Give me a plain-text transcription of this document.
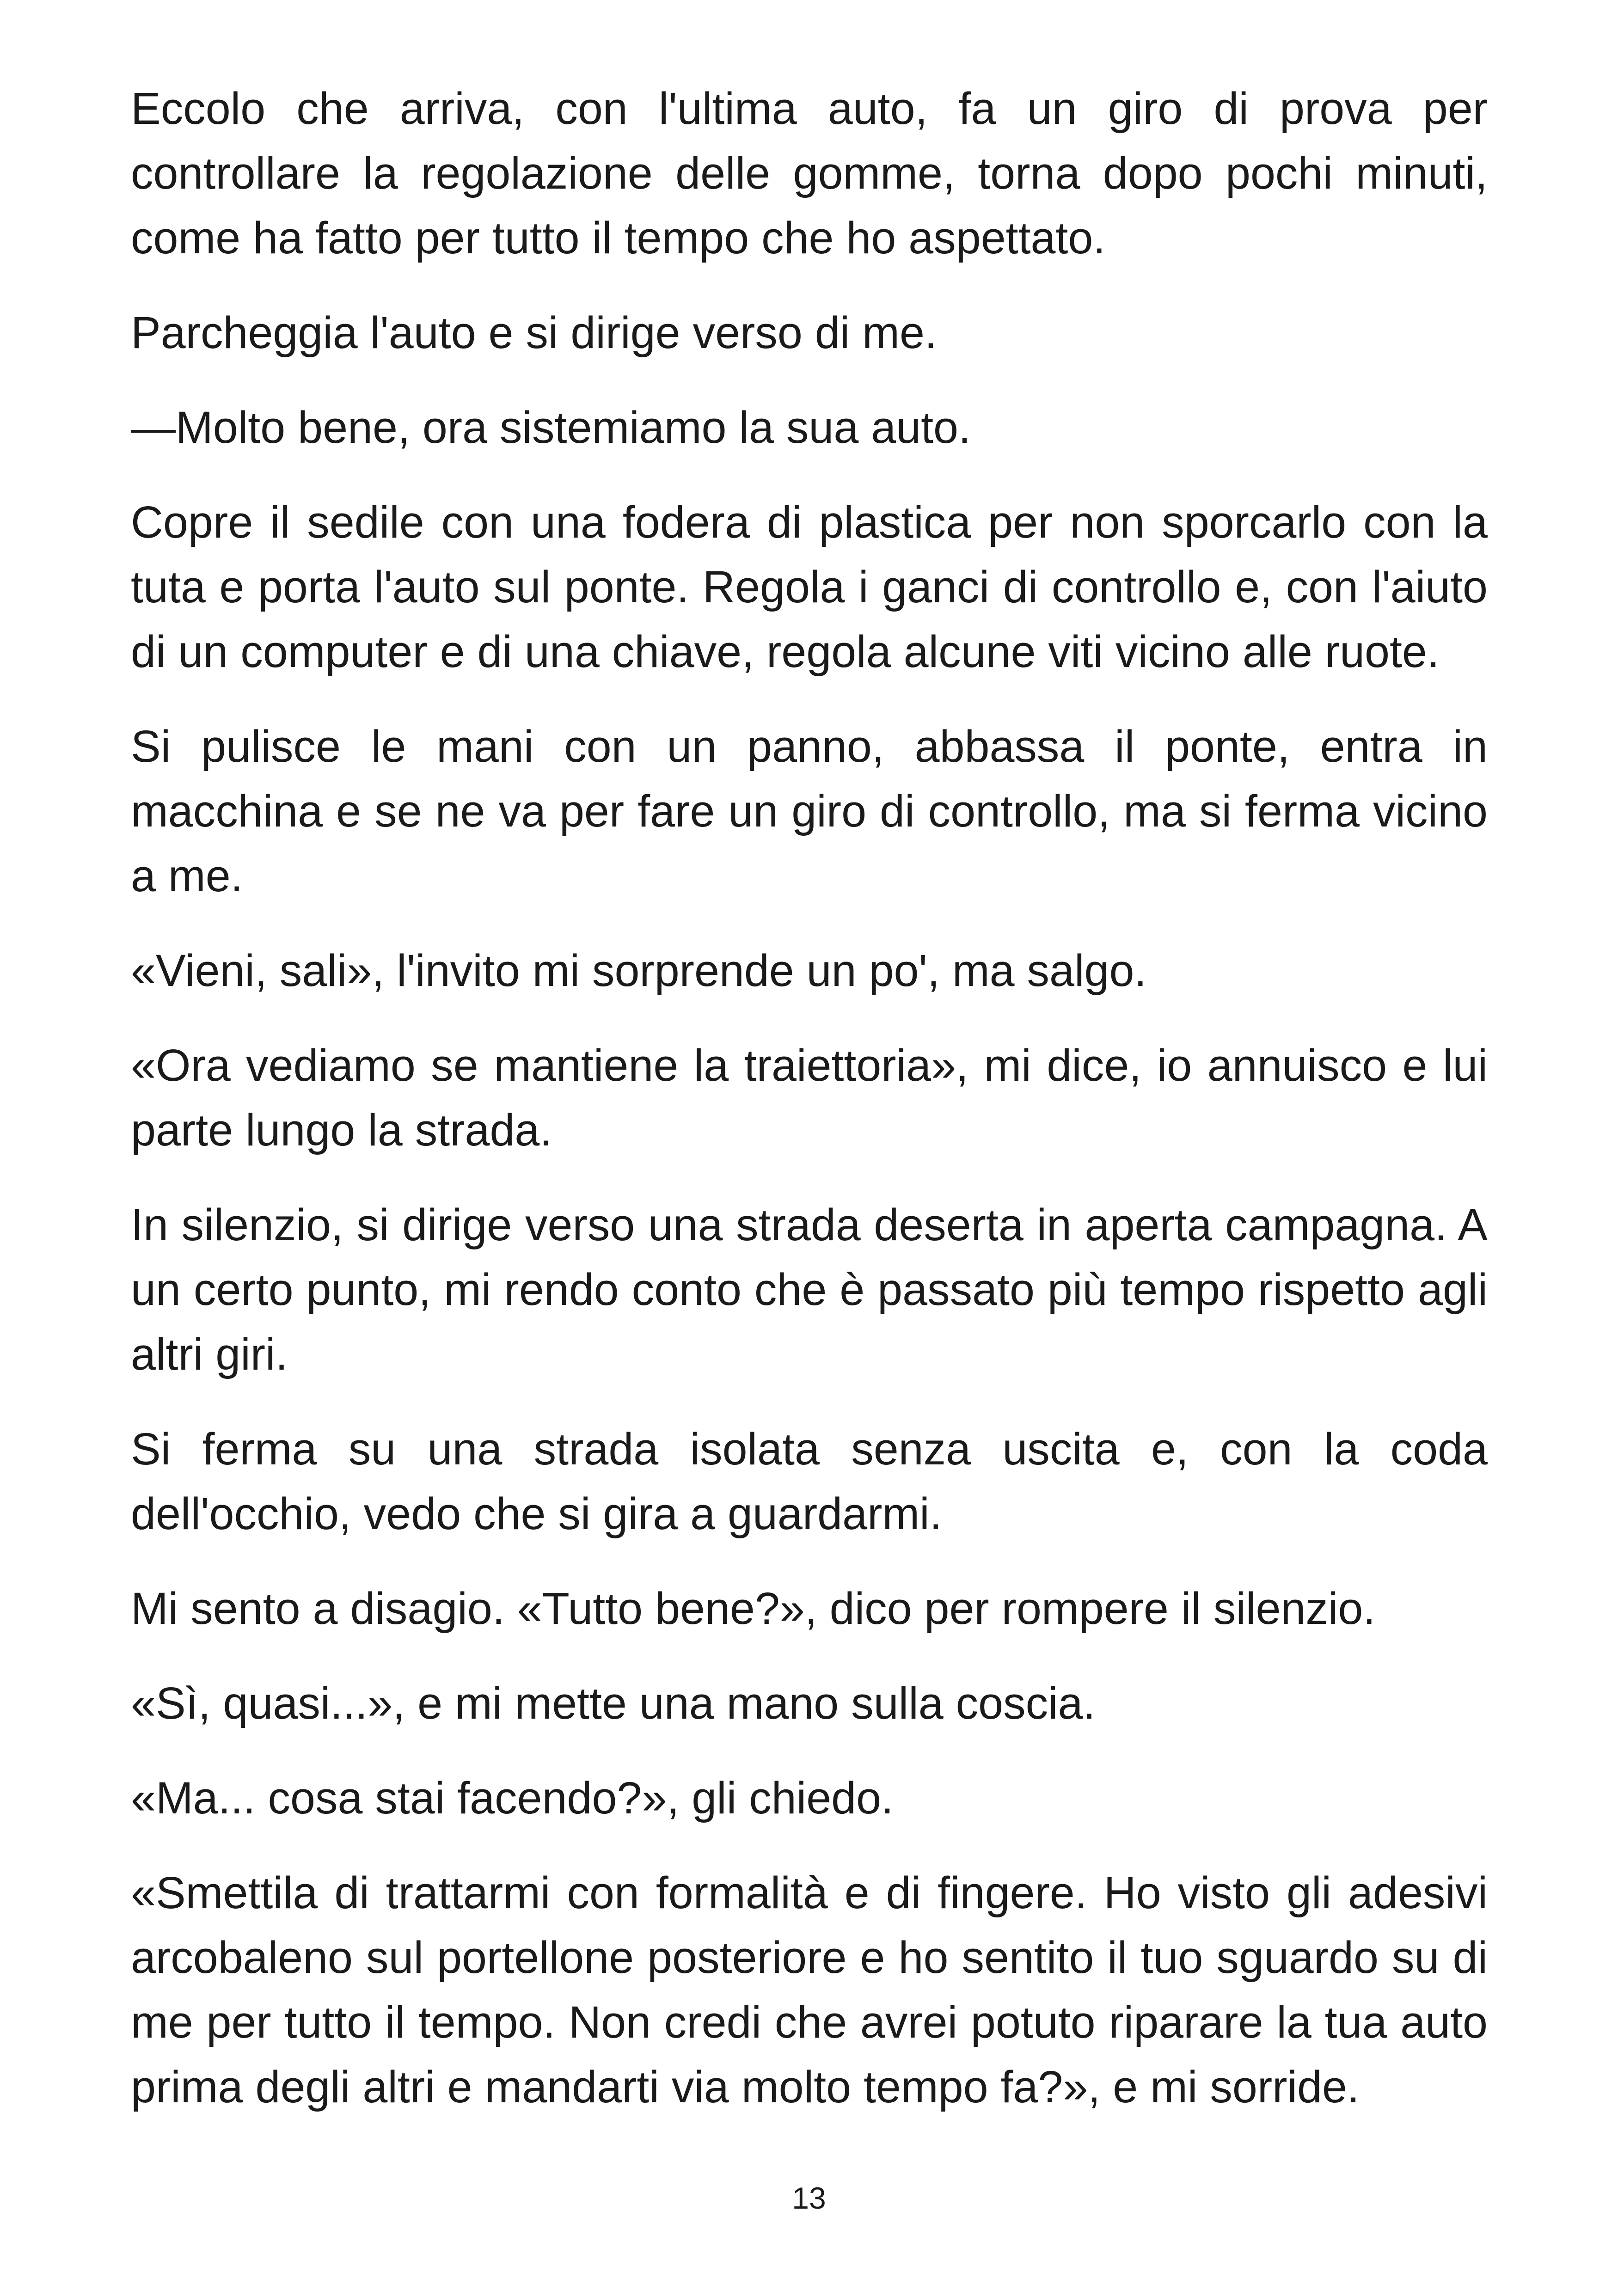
Eccolo che arriva, con l'ultima auto, fa un giro di prova per controllare la regolazione delle gomme, torna dopo pochi minuti, come ha fatto per tutto il tempo che ho aspettato.

Parcheggia l'auto e si dirige verso di me.

—Molto bene, ora sistemiamo la sua auto.

Copre il sedile con una fodera di plastica per non sporcarlo con la tuta e porta l'auto sul ponte. Regola i ganci di controllo e, con l'aiuto di un computer e di una chiave, regola alcune viti vicino alle ruote.

Si pulisce le mani con un panno, abbassa il ponte, entra in macchina e se ne va per fare un giro di controllo, ma si ferma vicino a me.

«Vieni, sali», l'invito mi sorprende un po', ma salgo.

«Ora vediamo se mantiene la traiettoria», mi dice, io annuisco e lui parte lungo la strada.

In silenzio, si dirige verso una strada deserta in aperta campagna. A un certo punto, mi rendo conto che è passato più tempo rispetto agli altri giri.

Si ferma su una strada isolata senza uscita e, con la coda dell'occhio, vedo che si gira a guardarmi.

Mi sento a disagio. «Tutto bene?», dico per rompere il silenzio.

«Sì, quasi...», e mi mette una mano sulla coscia.

«Ma... cosa stai facendo?», gli chiedo.

«Smettila di trattarmi con formalità e di fingere. Ho visto gli adesivi arcobaleno sul portellone posteriore e ho sentito il tuo sguardo su di me per tutto il tempo. Non credi che avrei potuto riparare la tua auto prima degli altri e mandarti via molto tempo fa?», e mi sorride.

13
